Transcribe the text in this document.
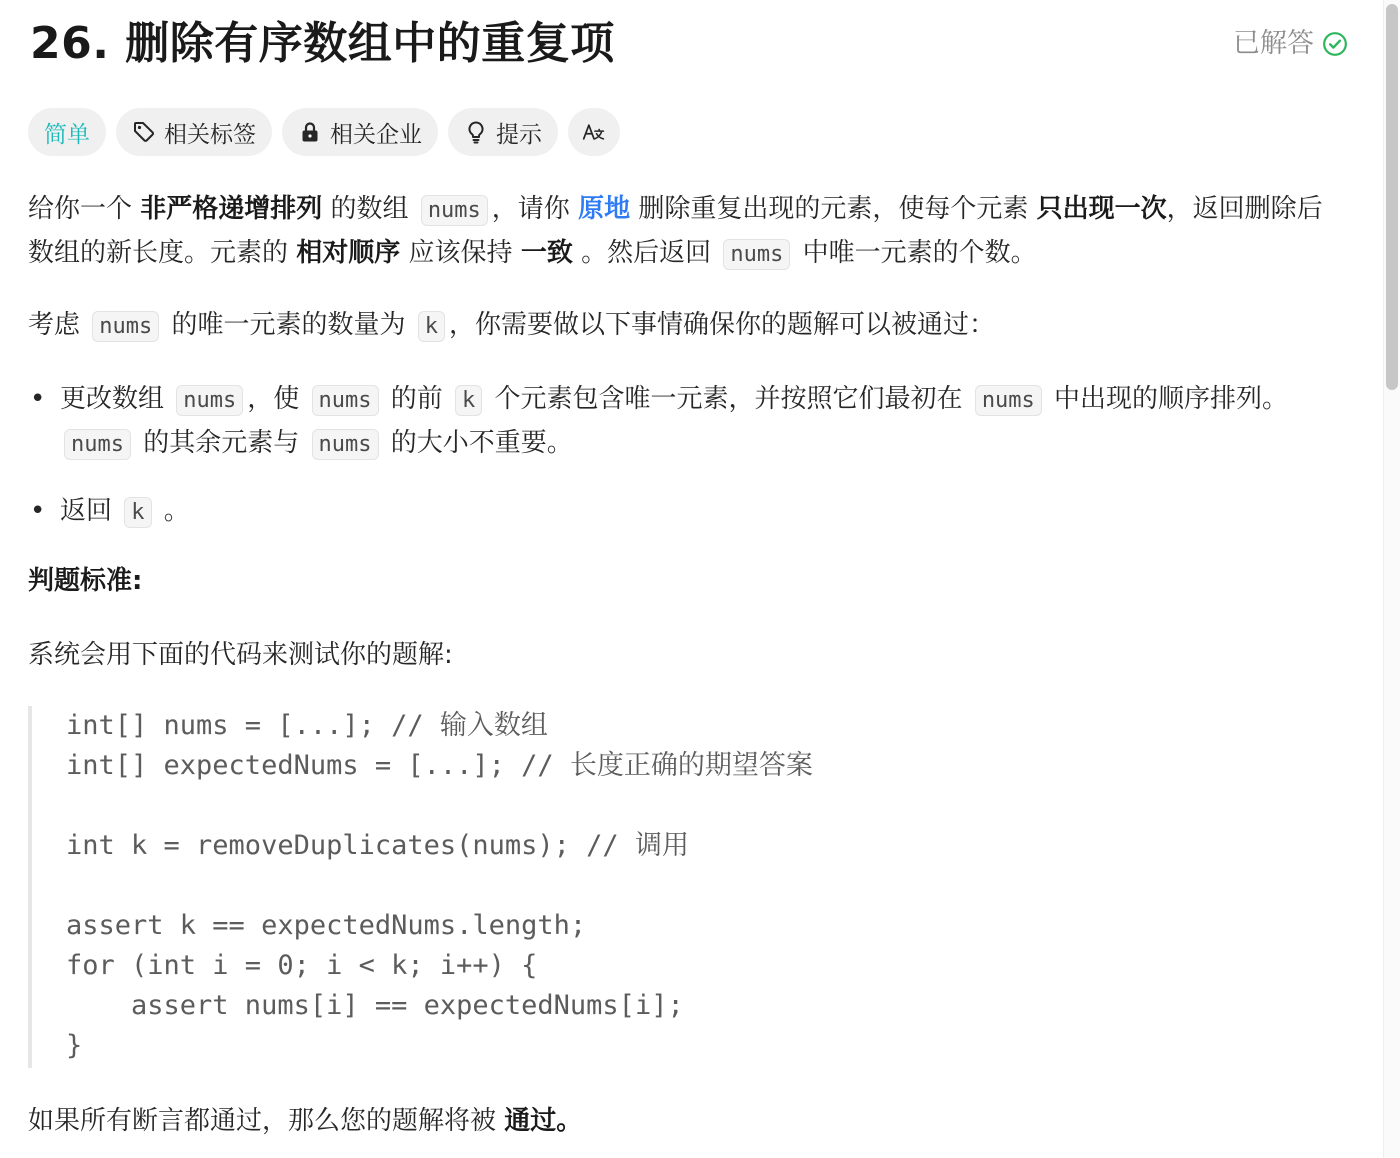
26. 删除有序数组中的重复项	已解答
简单	相关标签	相关企业	提示
给你一个 非严格递增排列 的数组 nums ，请你 原地 删除重复出现的元素，使每个元素 只出现一次，返回删除后数组的新长度。元素的 相对顺序 应该保持 一致 。然后返回 nums 中唯一元素的个数。
考虑 nums 的唯一元素的数量为 k ，你需要做以下事情确保你的题解可以被通过：
• 更改数组 nums ，使 nums 的前 k 个元素包含唯一元素，并按照它们最初在 nums 中出现的顺序排列。nums 的其余元素与 nums 的大小不重要。
• 返回 k 。
判题标准:
系统会用下面的代码来测试你的题解:
int[] nums = [...]; // 输入数组
int[] expectedNums = [...]; // 长度正确的期望答案
int k = removeDuplicates(nums); // 调用
assert k == expectedNums.length;
for (int i = 0; i < k; i++) {
assert nums[i] == expectedNums[i];
}
如果所有断言都通过，那么您的题解将被 通过。
